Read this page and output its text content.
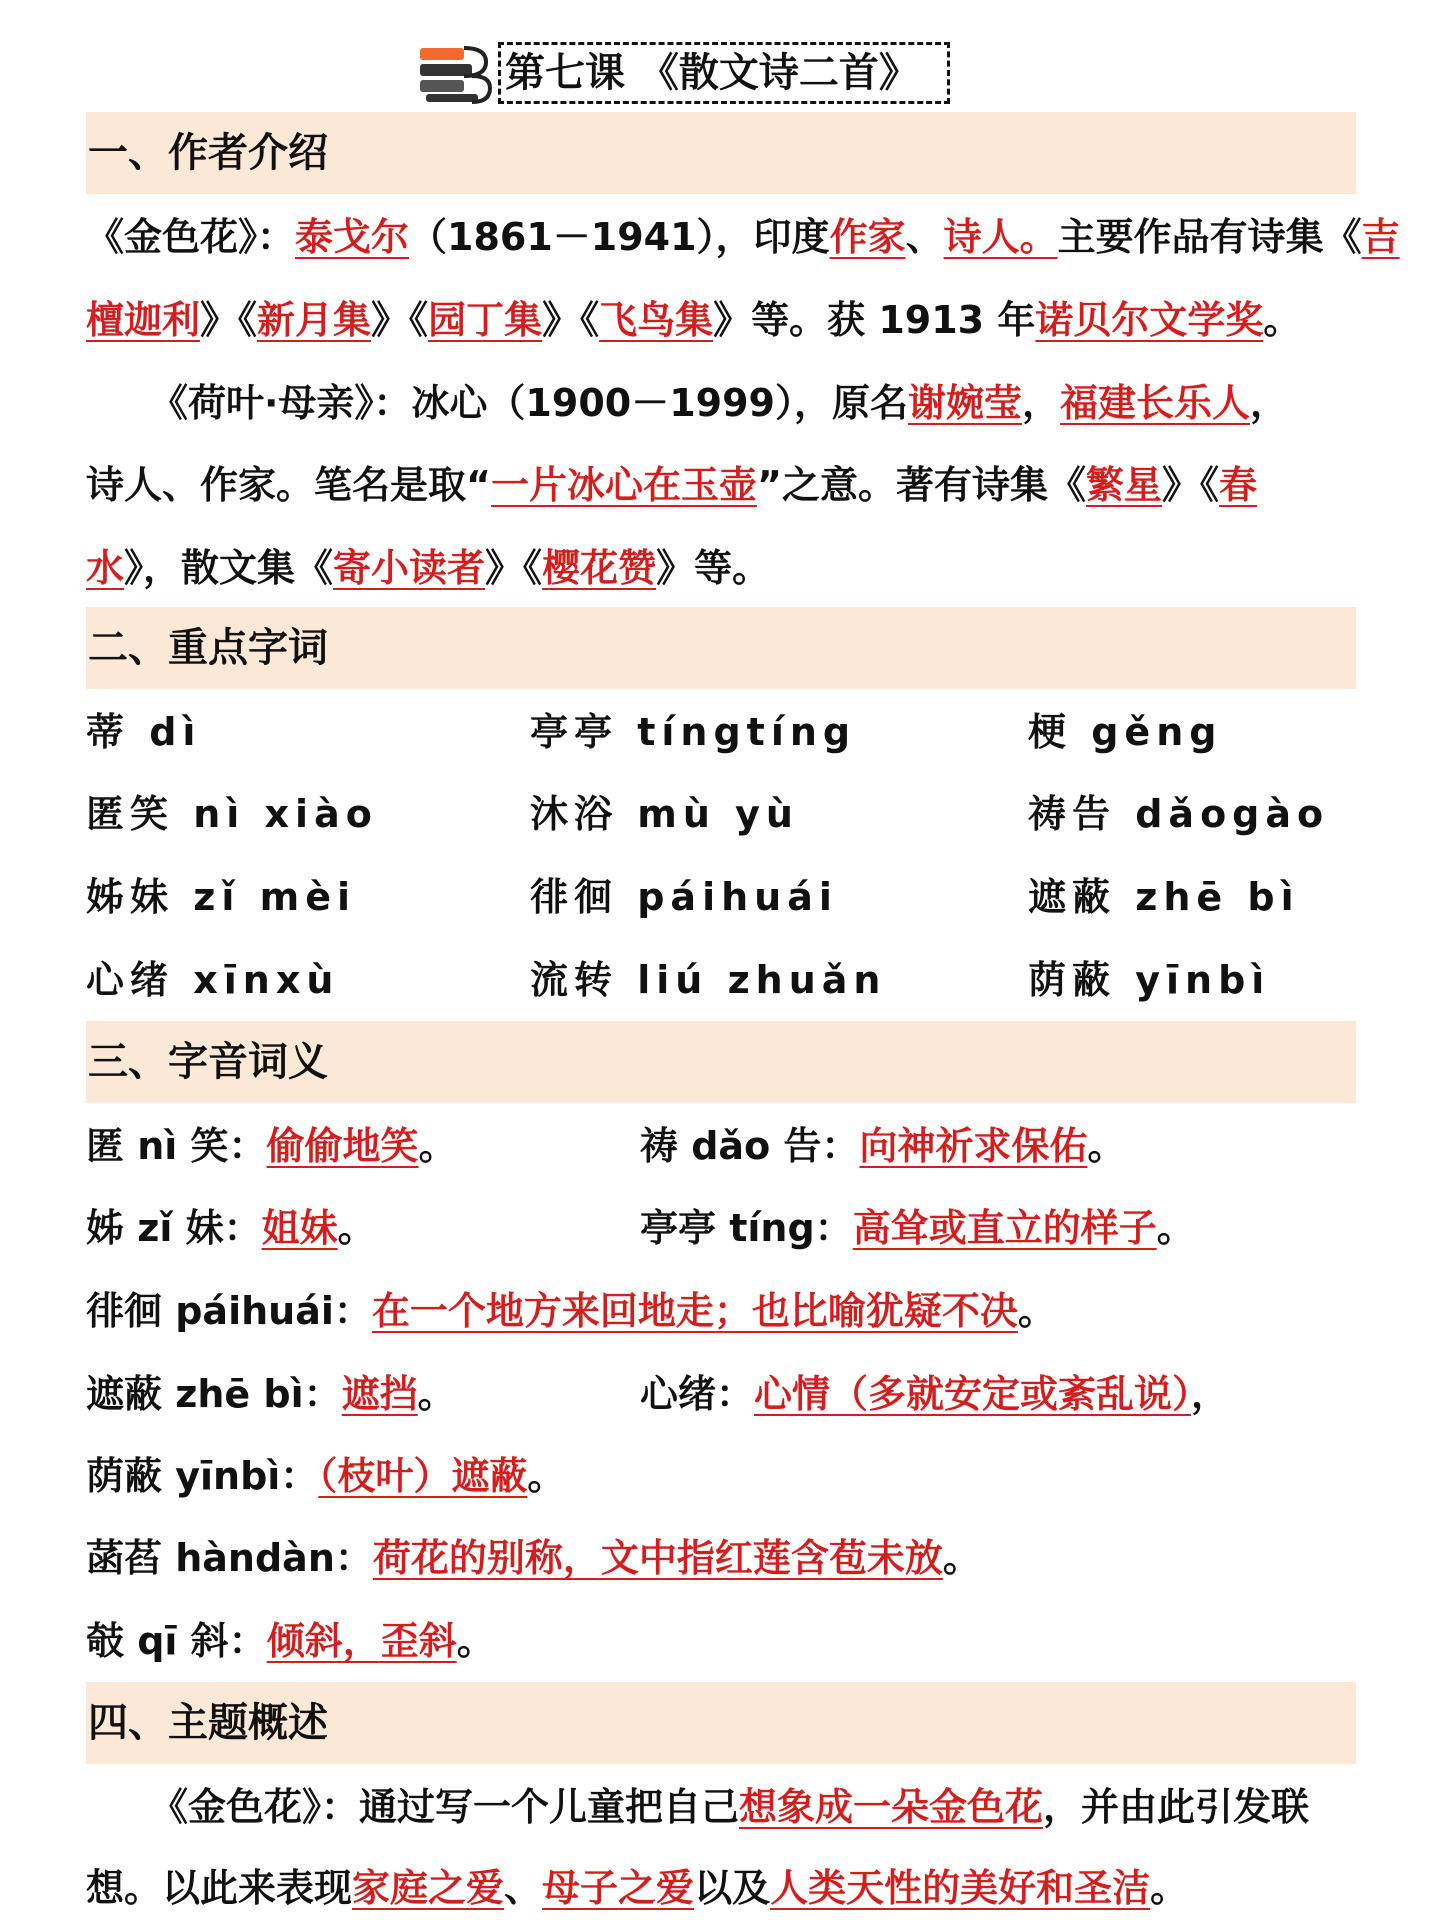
第七课 《散文诗二首》
一、作者介绍
《金色花》：泰戈尔（1861－1941），印度作家、诗人。主要作品有诗集《吉
檀迦利》《新月集》《园丁集》《飞鸟集》等。获 1913 年诺贝尔文学奖。
《荷叶·母亲》：冰心（1900－1999），原名谢婉莹，福建长乐人，
诗人、作家。笔名是取“一片冰心在玉壶”之意。著有诗集《繁星》《春
水》，散文集《寄小读者》《樱花赞》等。
二、重点字词
蒂 dì	亭亭 tíngtíng	梗 gěng
匿笑 nì xiào	沐浴 mù yù	祷告 dǎogào
姊妹 zǐ mèi	徘徊 páihuái	遮蔽 zhē bì
心绪 xīnxù	流转 liú zhuǎn	荫蔽 yīnbì
三、字音词义
匿 nì 笑：偷偷地笑。	祷 dǎo 告：向神祈求保佑。
姊 zǐ 妹：姐妹。	亭亭 tíng：高耸或直立的样子。
徘徊 páihuái：在一个地方来回地走；也比喻犹疑不决。
遮蔽 zhē bì：遮挡。	心绪：心情（多就安定或紊乱说），
荫蔽 yīnbì：（枝叶）遮蔽。
菡萏 hàndàn：荷花的别称，文中指红莲含苞未放。
攲 qī 斜：倾斜，歪斜。
四、主题概述
《金色花》：通过写一个儿童把自己想象成一朵金色花，并由此引发联
想。以此来表现家庭之爱、母子之爱以及人类天性的美好和圣洁。
